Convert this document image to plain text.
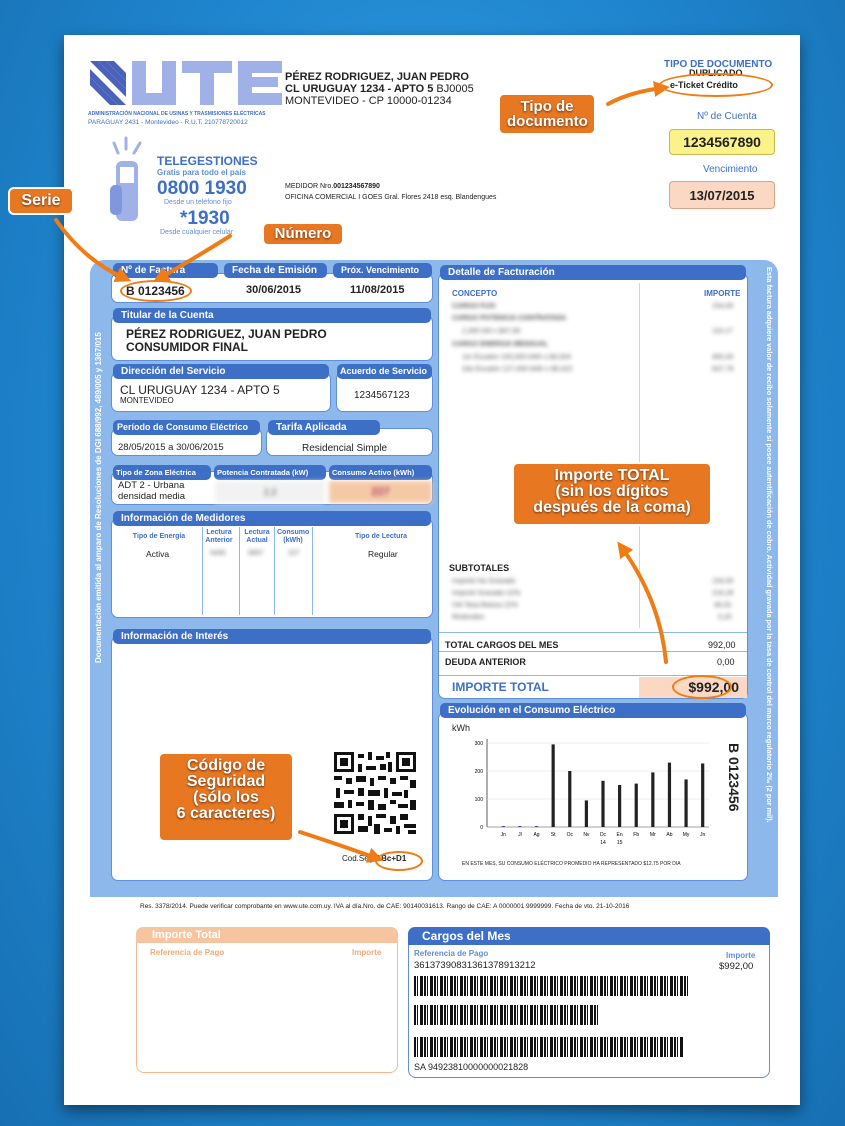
ADMINISTRACIÓN NACIONAL DE USINAS Y TRASMISIONES ELÉCTRICAS
PARAGUAY 2431 - Montevideo - R.U.T. 210778720012
PÉREZ RODRIGUEZ, JUAN PEDRO
CL URUGUAY 1234 - APTO 5 BJ0005
MONTEVIDEO - CP 10000-01234
TIPO DE DOCUMENTO
DUPLICADO
e-Ticket Crédito
Nº de Cuenta
1234567890
Vencimiento
13/07/2015
TELEGESTIONES
Gratis para todo el país
0800 1930
Desde un teléfono fijo
*1930
Desde cualquier celular
MEDIDOR Nro.001234567890
OFICINA COMERCIAL I GOES Gral. Flores 2418 esq. Blandengues
Documentación emitida al amparo de Resoluciones de DGI 688/992, 489/005 y 1367/015	Esta factura adquiere valor de recibo solamente si posee autentificación de cobro. Actividad gravada por la tasa de control del marco regulatorio 2‰ (2 por mil).
Nº de Factura	Fecha de Emisión	Próx. Vencimiento
B 0123456	30/06/2015	11/08/2015
Titular de la Cuenta
PÉREZ RODRIGUEZ, JUAN PEDRO
CONSUMIDOR FINAL
Dirección del Servicio
CL URUGUAY 1234 - APTO 5
MONTEVIDEO
Acuerdo de Servicio
1234567123
Período de Consumo Eléctrico
28/05/2015 a 30/06/2015
Tarifa Aplicada
Residencial Simple
Tipo de Zona Eléctrica	Potencia Contratada (kW)	Consumo Activo (kWh)
ADT 2 - Urbana
densidad media	2,3	227
Información de Medidores
Tipo de Energía
Lectura Anterior
Lectura Actual
Consumo (kWh)
Tipo de Lectura
Activa	5430	5657	227	Regular
Información de Interés
Cod.Seg:ABc+D1
Detalle de Facturación
CONCEPTO	IMPORTE
CARGO FIJO	154,00
CARGO POTENCIA CONTRATADA
2,300 kW x $47,90	110,17
CARGO ENERGIA MENSUAL
1er Escalón 100,000 kWh x $4,004	400,40
2do Escalón 127,000 kWh x $5,022	637,79
SUBTOTALES
Importe No Gravado	154,00
Importe Gravado 22%	216,28
IVA Tasa Básica 22%	46,02
Redondeo	0,20
TOTAL CARGOS DEL MES	992,00
DEUDA ANTERIOR	0,00
IMPORTE TOTAL	$992,00
Evolución en el Consumo Eléctrico
kWh
0
100
200
300
Jn Jl Ag St Oc Nv Dc En Fb Mr Ab My Jn
14 15
B 0123456
EN ESTE MES, SU CONSUMO ELÉCTRICO PROMEDIO HA REPRESENTADO $12.75 POR DIA
Res. 3378/2014. Puede verificar comprobante en www.ute.com.uy. IVA al día.Nro. de CAE: 90140031613. Rango de CAE: A 0000001 9999999. Fecha de vto. 21-10-2016
Importe Total
Referencia de Pago	Importe
Cargos del Mes
Referencia de Pago	Importe
36137390831361378913212	$992,00
SA 94923810000000021828
Tipo de documento
Serie
Número
Importe TOTAL
(sin los dígitos
después de la coma)
Código de
Seguridad
(sólo los
6 caracteres)
